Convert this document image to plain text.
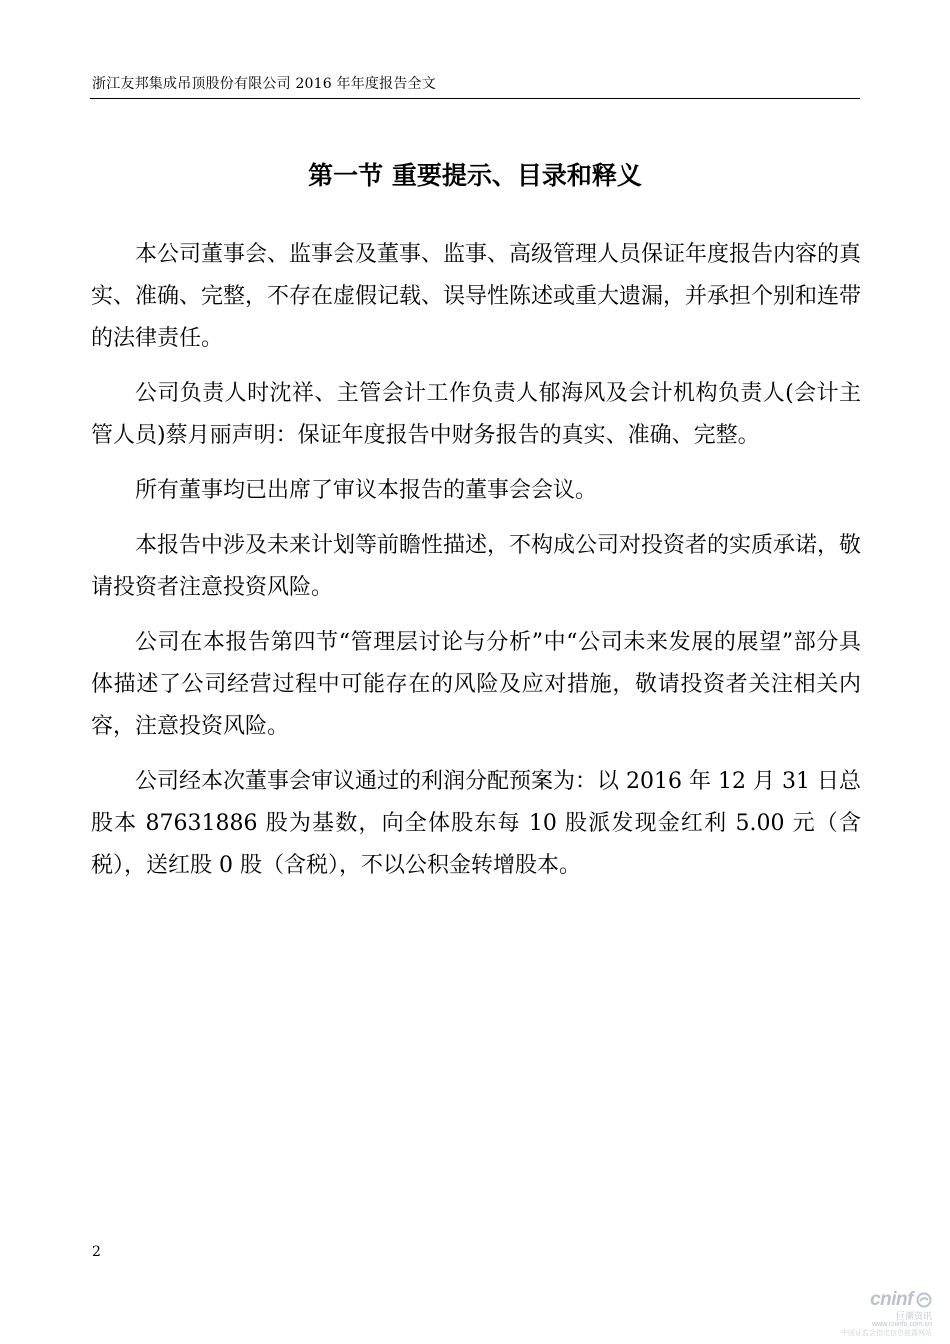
浙江友邦集成吊顶股份有限公司 2016 年年度报告全文
第一节 重要提示、目录和释义

本公司董事会、监事会及董事、监事、高级管理人员保证年度报告内容的真实、准确、完整，不存在虚假记载、误导性陈述或重大遗漏，并承担个别和连带的法律责任。

公司负责人时沈祥、主管会计工作负责人郁海风及会计机构负责人(会计主管人员)蔡月丽声明：保证年度报告中财务报告的真实、准确、完整。

所有董事均已出席了审议本报告的董事会会议。

本报告中涉及未来计划等前瞻性描述，不构成公司对投资者的实质承诺，敬请投资者注意投资风险。

公司在本报告第四节“管理层讨论与分析”中“公司未来发展的展望”部分具体描述了公司经营过程中可能存在的风险及应对措施，敬请投资者关注相关内容，注意投资风险。

公司经本次董事会审议通过的利润分配预案为：以 2016 年 12 月 31 日总股本 87631886 股为基数，向全体股东每 10 股派发现金红利 5.00 元（含税），送红股 0 股（含税），不以公积金转增股本。

2
cninf
巨潮资讯
www.cninfo.com.cn
中国证监会指定信息披露网站
